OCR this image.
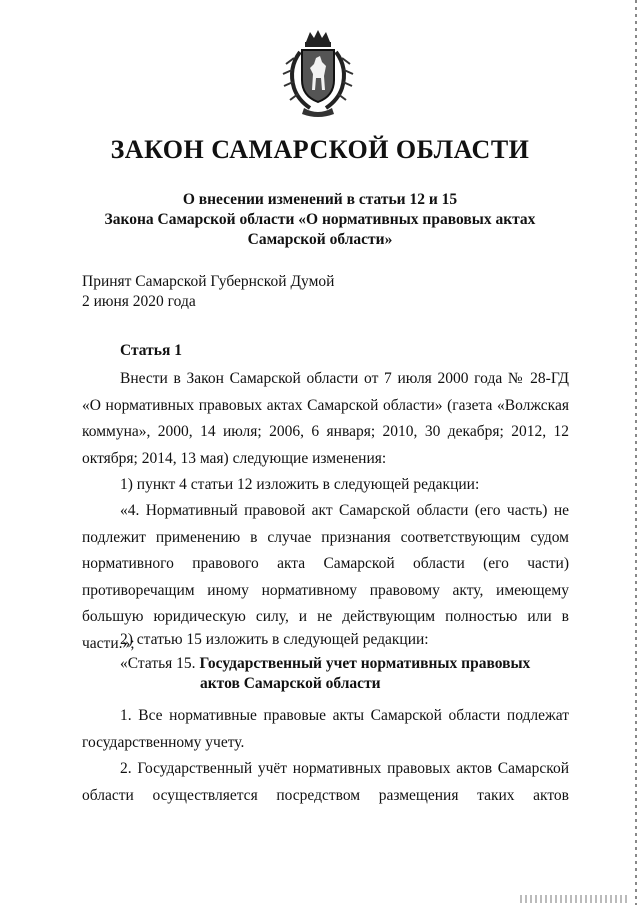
ЗАКОН САМАРСКОЙ ОБЛАСТИ
О внесении изменений в статьи 12 и 15
Закона Самарской области «О нормативных правовых актах
Самарской области»
Принят Самарской Губернской Думой
2 июня 2020 года
Статья 1

Внести в Закон Самарской области от 7 июля 2000 года № 28-ГД «О нормативных правовых актах Самарской области» (газета «Волжская коммуна», 2000, 14 июля; 2006, 6 января; 2010, 30 декабря; 2012, 12 октября; 2014, 13 мая) следующие изменения:

1) пункт 4 статьи 12 изложить в следующей редакции:

«4. Нормативный правовой акт Самарской области (его часть) не подлежит применению в случае признания соответствующим судом нормативного правового акта Самарской области (его части) противоречащим иному нормативному правовому акту, имеющему большую юридическую силу, и не действующим полностью или в части.»;

2) статью 15 изложить в следующей редакции:

«Статья 15. Государственный учет нормативных правовых
актов Самарской области

1. Все нормативные правовые акты Самарской области подлежат государственному учету.

2. Государственный учёт нормативных правовых актов Самарской области осуществляется посредством размещения таких актов
